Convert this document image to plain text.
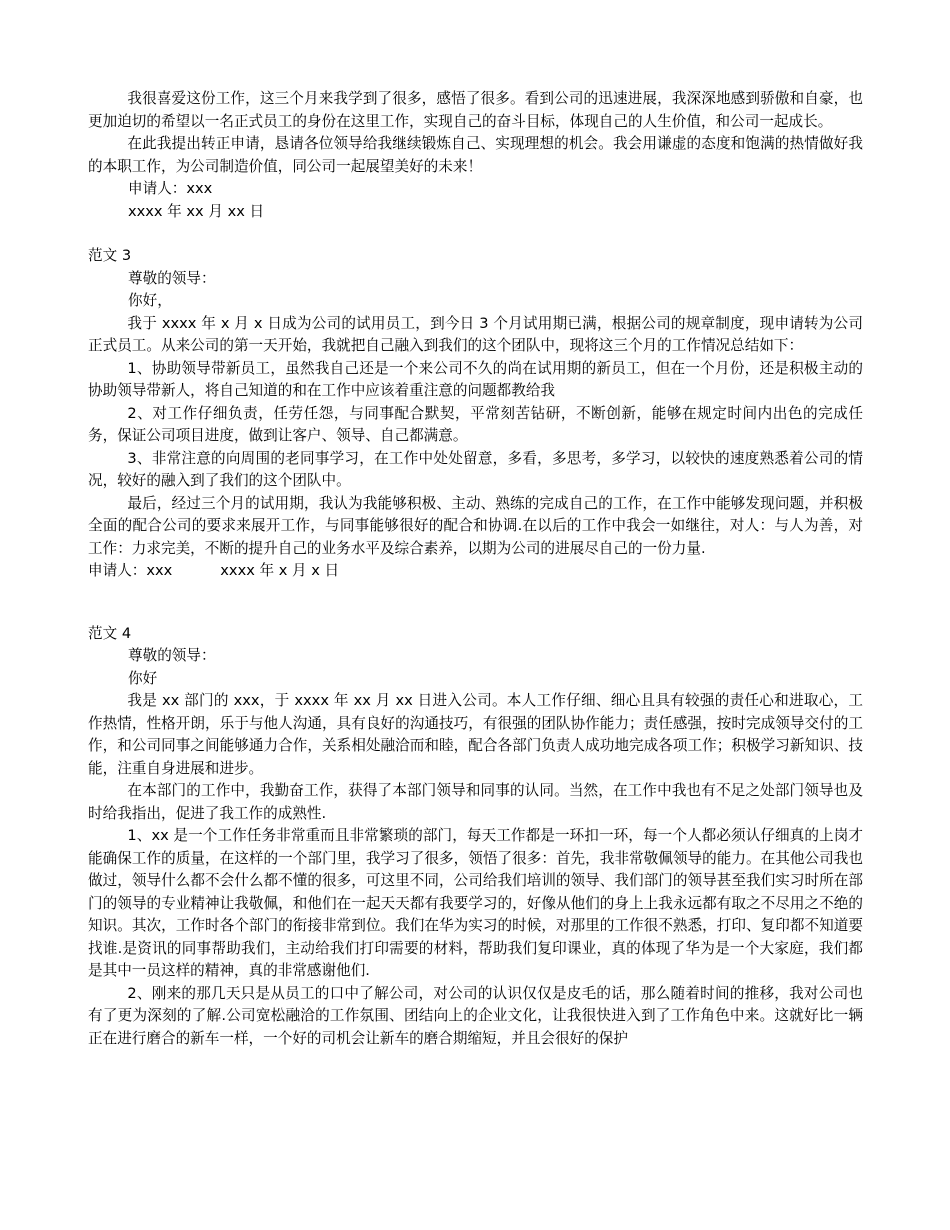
我很喜爱这份工作，这三个月来我学到了很多，感悟了很多。看到公司的迅速进展，我深深地感到骄傲和自豪，也更加迫切的希望以一名正式员工的身份在这里工作，实现自己的奋斗目标，体现自己的人生价值，和公司一起成长。

在此我提出转正申请，恳请各位领导给我继续锻炼自己、实现理想的机会。我会用谦虚的态度和饱满的热情做好我的本职工作，为公司制造价值，同公司一起展望美好的未来！

申请人：xxx

xxxx 年 xx 月 xx 日

范文 3

尊敬的领导：

你好，

我于 xxxx 年 x 月 x 日成为公司的试用员工，到今日 3 个月试用期已满，根据公司的规章制度，现申请转为公司正式员工。从来公司的第一天开始，我就把自己融入到我们的这个团队中，现将这三个月的工作情况总结如下：

1、协助领导带新员工，虽然我自己还是一个来公司不久的尚在试用期的新员工，但在一个月份，还是积极主动的协助领导带新人，将自己知道的和在工作中应该着重注意的问题都教给我

2、对工作仔细负责，任劳任怨，与同事配合默契，平常刻苦钻研，不断创新，能够在规定时间内出色的完成任务，保证公司项目进度，做到让客户、领导、自己都满意。

3、非常注意的向周围的老同事学习，在工作中处处留意，多看，多思考，多学习，以较快的速度熟悉着公司的情况，较好的融入到了我们的这个团队中。

最后，经过三个月的试用期，我认为我能够积极、主动、熟练的完成自己的工作，在工作中能够发现问题，并积极全面的配合公司的要求来展开工作，与同事能够很好的配合和协调.在以后的工作中我会一如继往，对人：与人为善，对工作：力求完美，不断的提升自己的业务水平及综合素养，以期为公司的进展尽自己的一份力量.

申请人：xxx	xxxx 年 x 月 x 日

范文 4

尊敬的领导：

你好

我是 xx 部门的 xxx，于 xxxx 年 xx 月 xx 日进入公司。本人工作仔细、细心且具有较强的责任心和进取心，工作热情，性格开朗，乐于与他人沟通，具有良好的沟通技巧，有很强的团队协作能力；责任感强，按时完成领导交付的工作，和公司同事之间能够通力合作，关系相处融洽而和睦，配合各部门负责人成功地完成各项工作；积极学习新知识、技能，注重自身进展和进步。

在本部门的工作中，我勤奋工作，获得了本部门领导和同事的认同。当然，在工作中我也有不足之处部门领导也及时给我指出，促进了我工作的成熟性.

1、xx 是一个工作任务非常重而且非常繁琐的部门，每天工作都是一环扣一环，每一个人都必须认仔细真的上岗才能确保工作的质量，在这样的一个部门里，我学习了很多，领悟了很多：首先，我非常敬佩领导的能力。在其他公司我也做过，领导什么都不会什么都不懂的很多，可这里不同，公司给我们培训的领导、我们部门的领导甚至我们实习时所在部门的领导的专业精神让我敬佩，和他们在一起天天都有我要学习的，好像从他们的身上上我永远都有取之不尽用之不绝的知识。其次，工作时各个部门的衔接非常到位。我们在华为实习的时候，对那里的工作很不熟悉，打印、复印都不知道要找谁.是资讯的同事帮助我们，主动给我们打印需要的材料，帮助我们复印课业，真的体现了华为是一个大家庭，我们都是其中一员这样的精神，真的非常感谢他们.

2、刚来的那几天只是从员工的口中了解公司，对公司的认识仅仅是皮毛的话，那么随着时间的推移，我对公司也有了更为深刻的了解.公司宽松融洽的工作氛围、团结向上的企业文化，让我很快进入到了工作角色中来。这就好比一辆正在进行磨合的新车一样，一个好的司机会让新车的磨合期缩短，并且会很好的保护
